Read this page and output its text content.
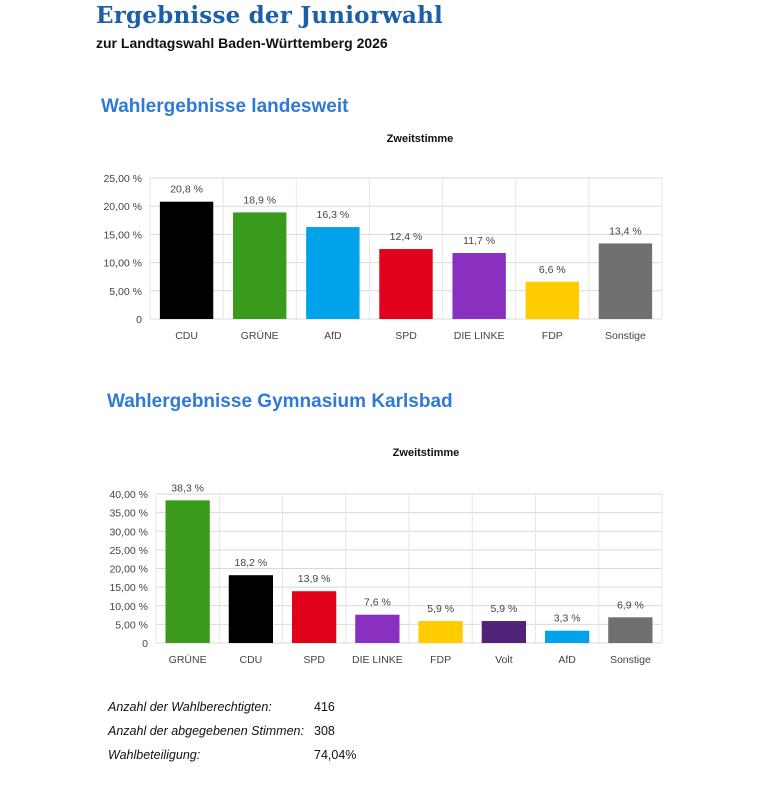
Ergebnisse der Juniorwahl
zur Landtagswahl Baden-Württemberg 2026
Wahlergebnisse landesweit
Zweitstimme
0
5,00 %
10,00 %
15,00 %
20,00 %
25,00 %
20,8 %
CDU
18,9 %
GRÜNE
16,3 %
AfD
12,4 %
SPD
11,7 %
DIE LINKE
6,6 %
FDP
13,4 %
Sonstige
Wahlergebnisse Gymnasium Karlsbad
Zweitstimme
0
5,00 %
10,00 %
15,00 %
20,00 %
25,00 %
30,00 %
35,00 %
40,00 %
38,3 %
GRÜNE
18,2 %
CDU
13,9 %
SPD
7,6 %
DIE LINKE
5,9 %
FDP
5,9 %
Volt
3,3 %
AfD
6,9 %
Sonstige
Anzahl der Wahlberechtigten:	416
Anzahl der abgegebenen Stimmen: 308
Wahlbeteiligung:	74,04%
